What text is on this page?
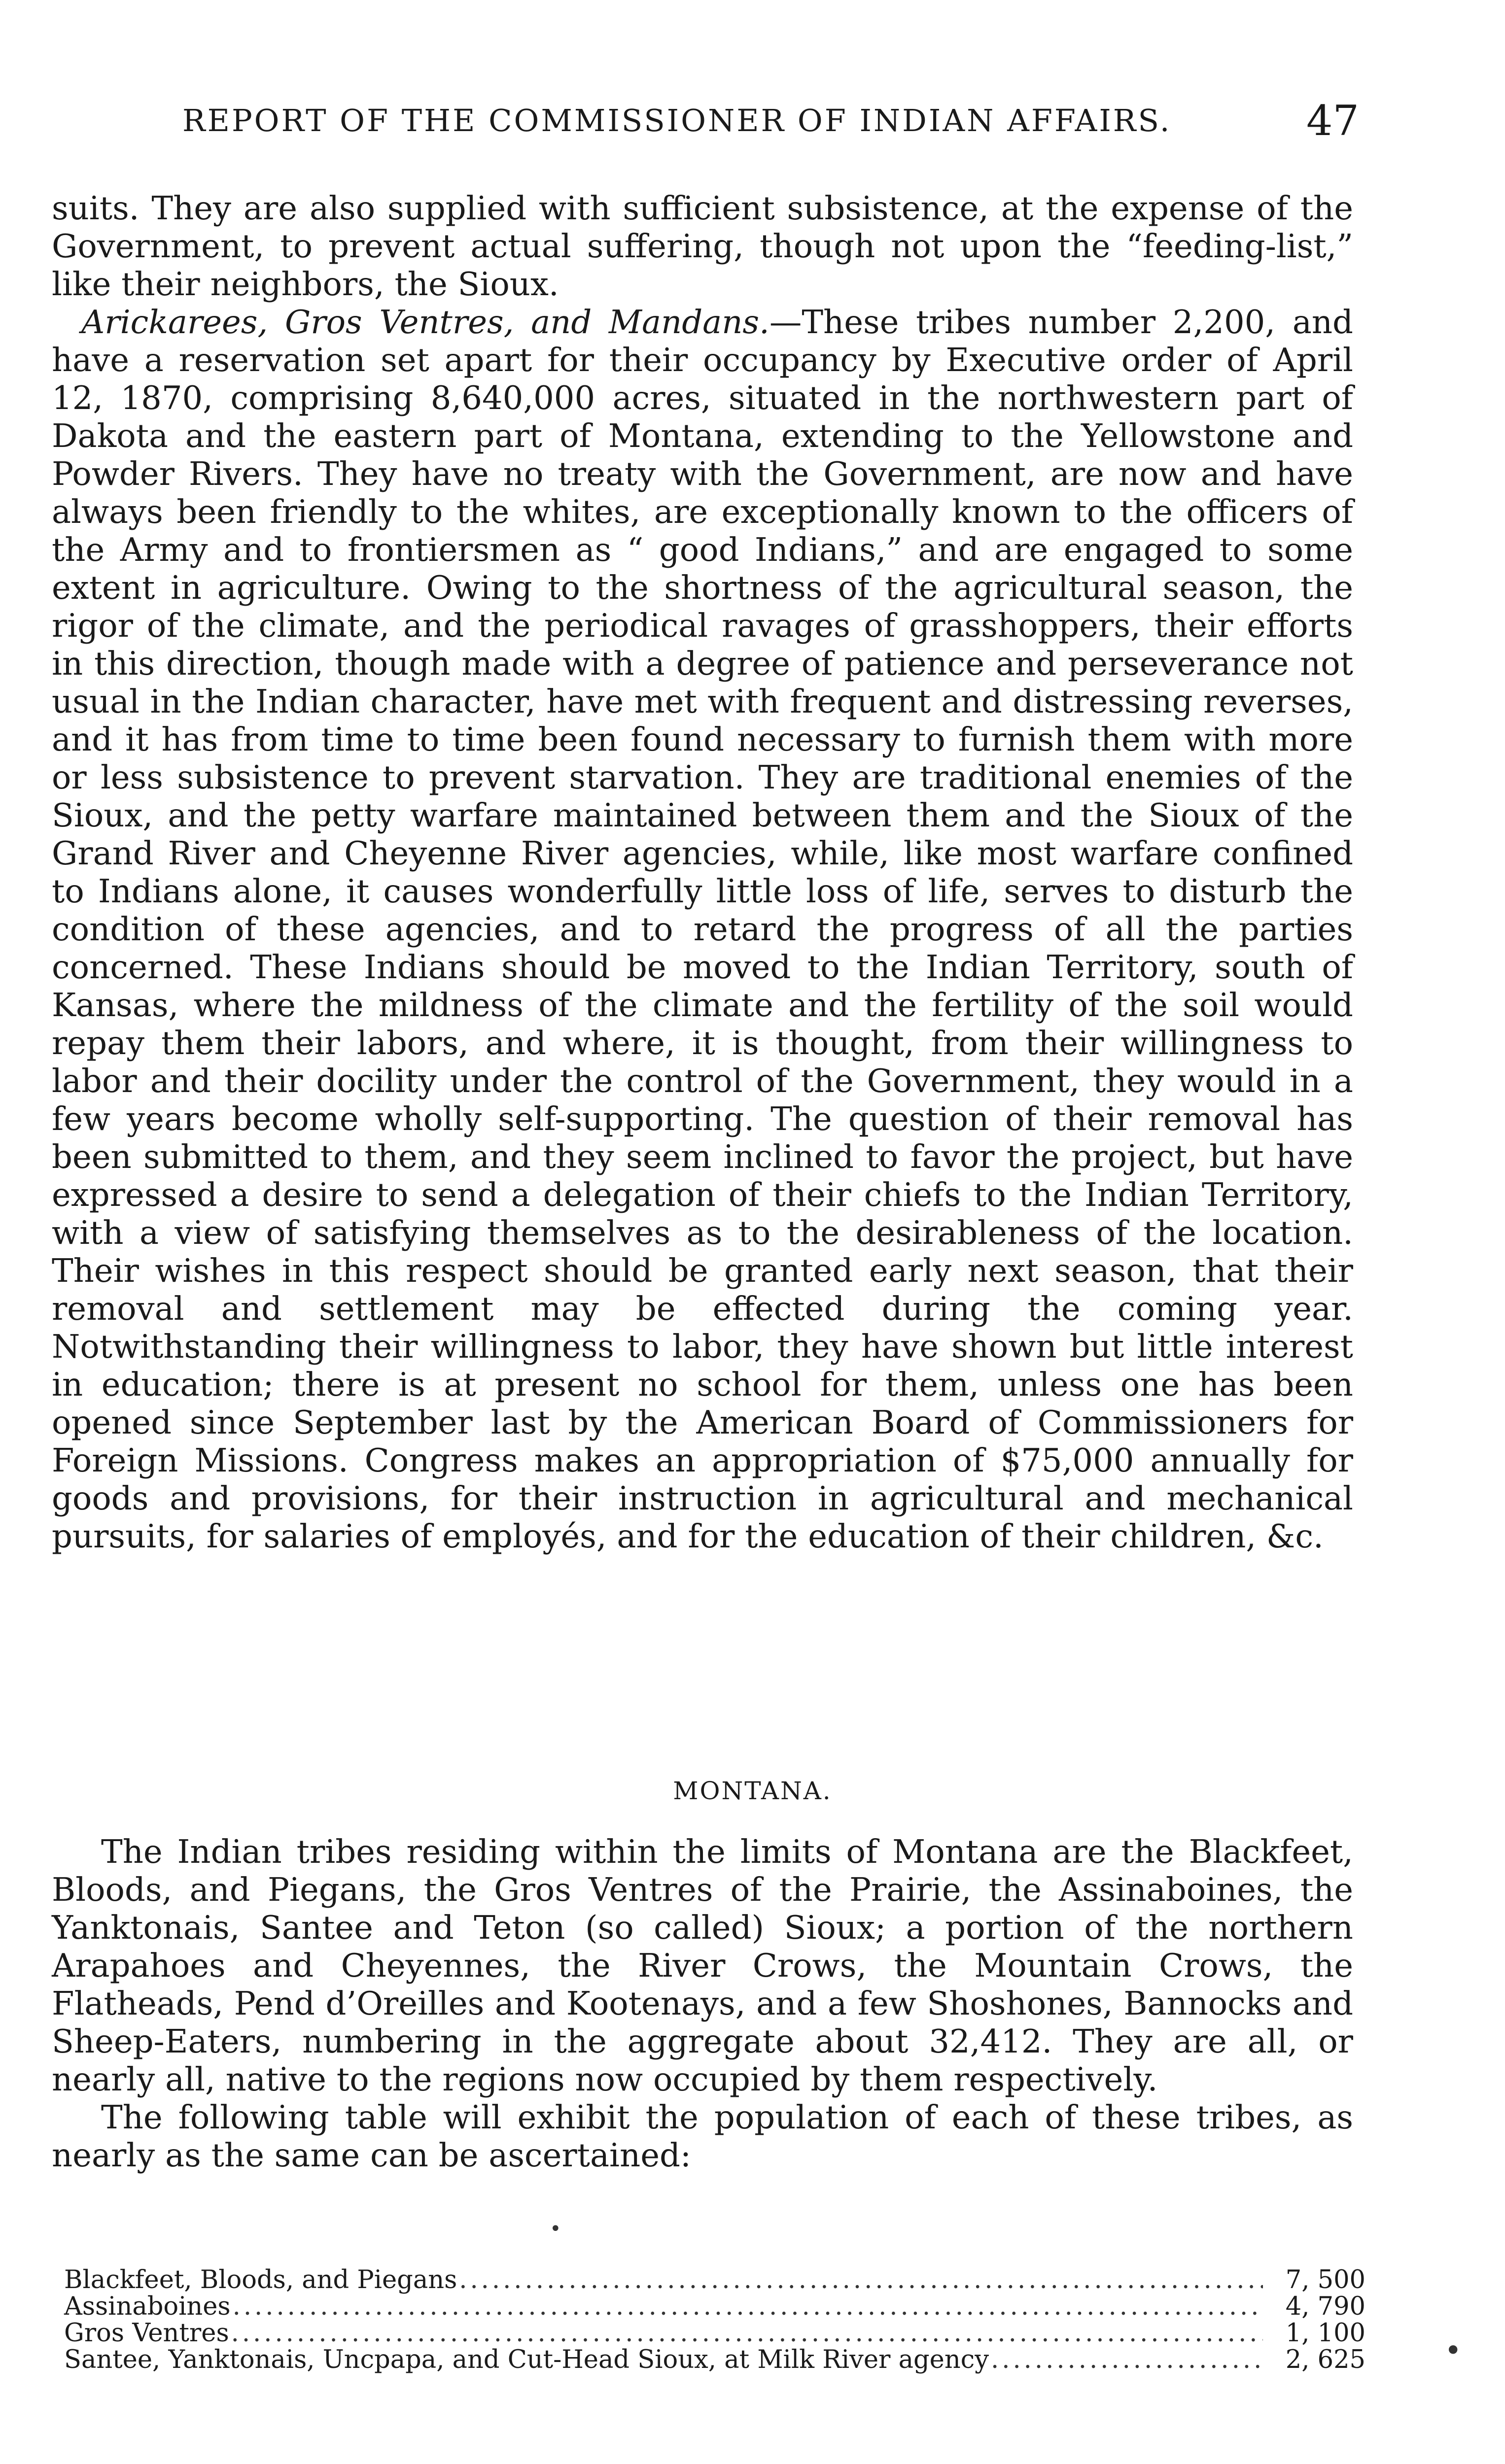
REPORT OF THE COMMISSIONER OF INDIAN AFFAIRS.	47

suits. They are also supplied with sufficient subsistence, at the expense of the Government, to prevent actual suffering, though not upon the “feeding-list,” like their neighbors, the Sioux.

Arickarees, Gros Ventres, and Mandans.—These tribes number 2,200, and have a reservation set apart for their occupancy by Executive order of April 12, 1870, comprising 8,640,000 acres, situated in the northwestern part of Dakota and the eastern part of Montana, extending to the Yellowstone and Powder Rivers. They have no treaty with the Government, are now and have always been friendly to the whites, are exceptionally known to the officers of the Army and to frontiersmen as “ good Indians,” and are engaged to some extent in agriculture. Owing to the shortness of the agricultural season, the rigor of the climate, and the periodical ravages of grasshoppers, their efforts in this direction, though made with a degree of patience and perseverance not usual in the Indian character, have met with frequent and distressing reverses, and it has from time to time been found necessary to furnish them with more or less subsistence to prevent starvation. They are traditional enemies of the Sioux, and the petty warfare maintained between them and the Sioux of the Grand River and Cheyenne River agencies, while, like most warfare confined to Indians alone, it causes wonderfully little loss of life, serves to disturb the condition of these agencies, and to retard the progress of all the parties concerned. These Indians should be moved to the Indian Territory, south of Kansas, where the mildness of the climate and the fertility of the soil would repay them their labors, and where, it is thought, from their willingness to labor and their docility under the control of the Government, they would in a few years become wholly self-supporting. The question of their removal has been submitted to them, and they seem inclined to favor the project, but have expressed a desire to send a delegation of their chiefs to the Indian Territory, with a view of satisfying themselves as to the desirableness of the location. Their wishes in this respect should be granted early next season, that their removal and settlement may be effected during the coming year. Notwithstanding their willingness to labor, they have shown but little interest in education; there is at present no school for them, unless one has been opened since September last by the American Board of Commissioners for Foreign Missions. Congress makes an appropriation of $75,000 annually for goods and provisions, for their instruction in agricultural and mechanical pursuits, for salaries of employés, and for the education of their children, &c.

MONTANA.

The Indian tribes residing within the limits of Montana are the Blackfeet, Bloods, and Piegans, the Gros Ventres of the Prairie, the Assinaboines, the Yanktonais, Santee and Teton (so called) Sioux; a portion of the northern Arapahoes and Cheyennes, the River Crows, the Mountain Crows, the Flatheads, Pend d’Oreilles and Kootenays, and a few Shoshones, Bannocks and Sheep-Eaters, numbering in the aggregate about 32,412. They are all, or nearly all, native to the regions now occupied by them respectively.

The following table will exhibit the population of each of these tribes, as nearly as the same can be ascertained:

Blackfeet, Bloods, and Piegans .....	7, 500
Assinaboines .....	4, 790
Gros Ventres .....	1, 100
Santee, Yanktonais, Uncpapa, and Cut-Head Sioux, at Milk River agency .....	2, 625	•
•
